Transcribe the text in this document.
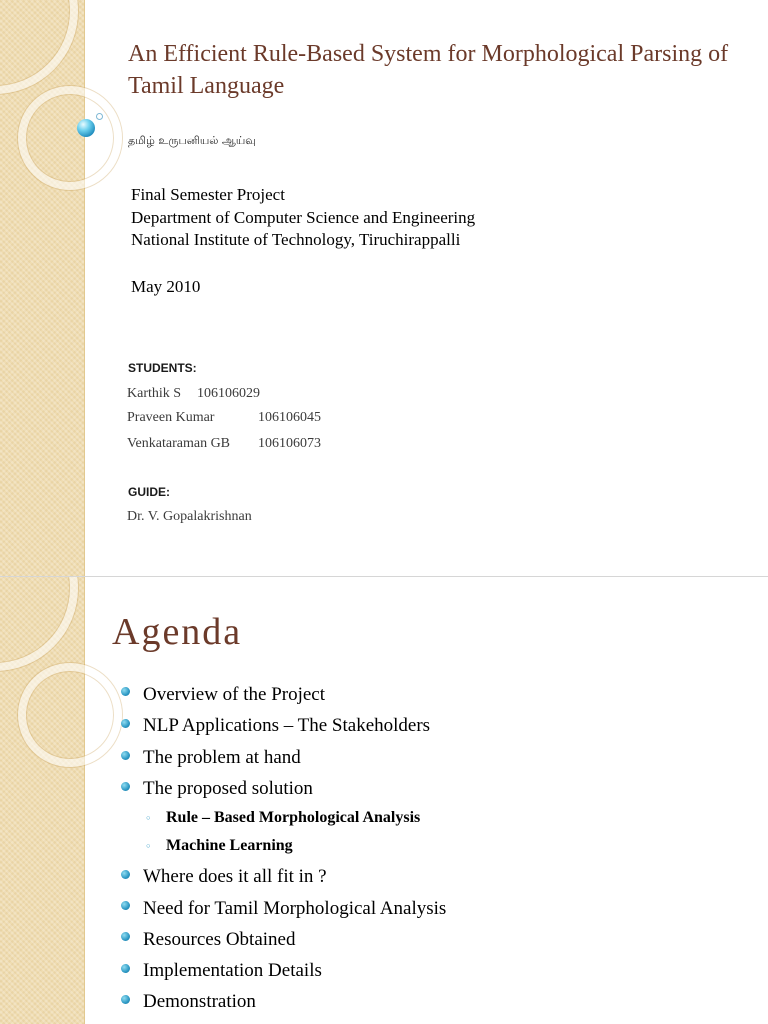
An Efficient Rule-Based System for Morphological Parsing of Tamil Language
தமிழ் உருபனியல் ஆய்வு
Final Semester Project
Department of Computer Science and Engineering
National Institute of Technology, Tiruchirappalli
May 2010
STUDENTS:
Karthik S 106106029
Praveen Kumar	106106045
Venkataraman GB 106106073
GUIDE:
Dr. V. Gopalakrishnan
Agenda
Overview of the Project
NLP Applications – The Stakeholders
The problem at hand
The proposed solution
◦ Rule – Based Morphological Analysis
◦ Machine Learning
Where does it all fit in ?
Need for Tamil Morphological Analysis
Resources Obtained
Implementation Details
Demonstration
